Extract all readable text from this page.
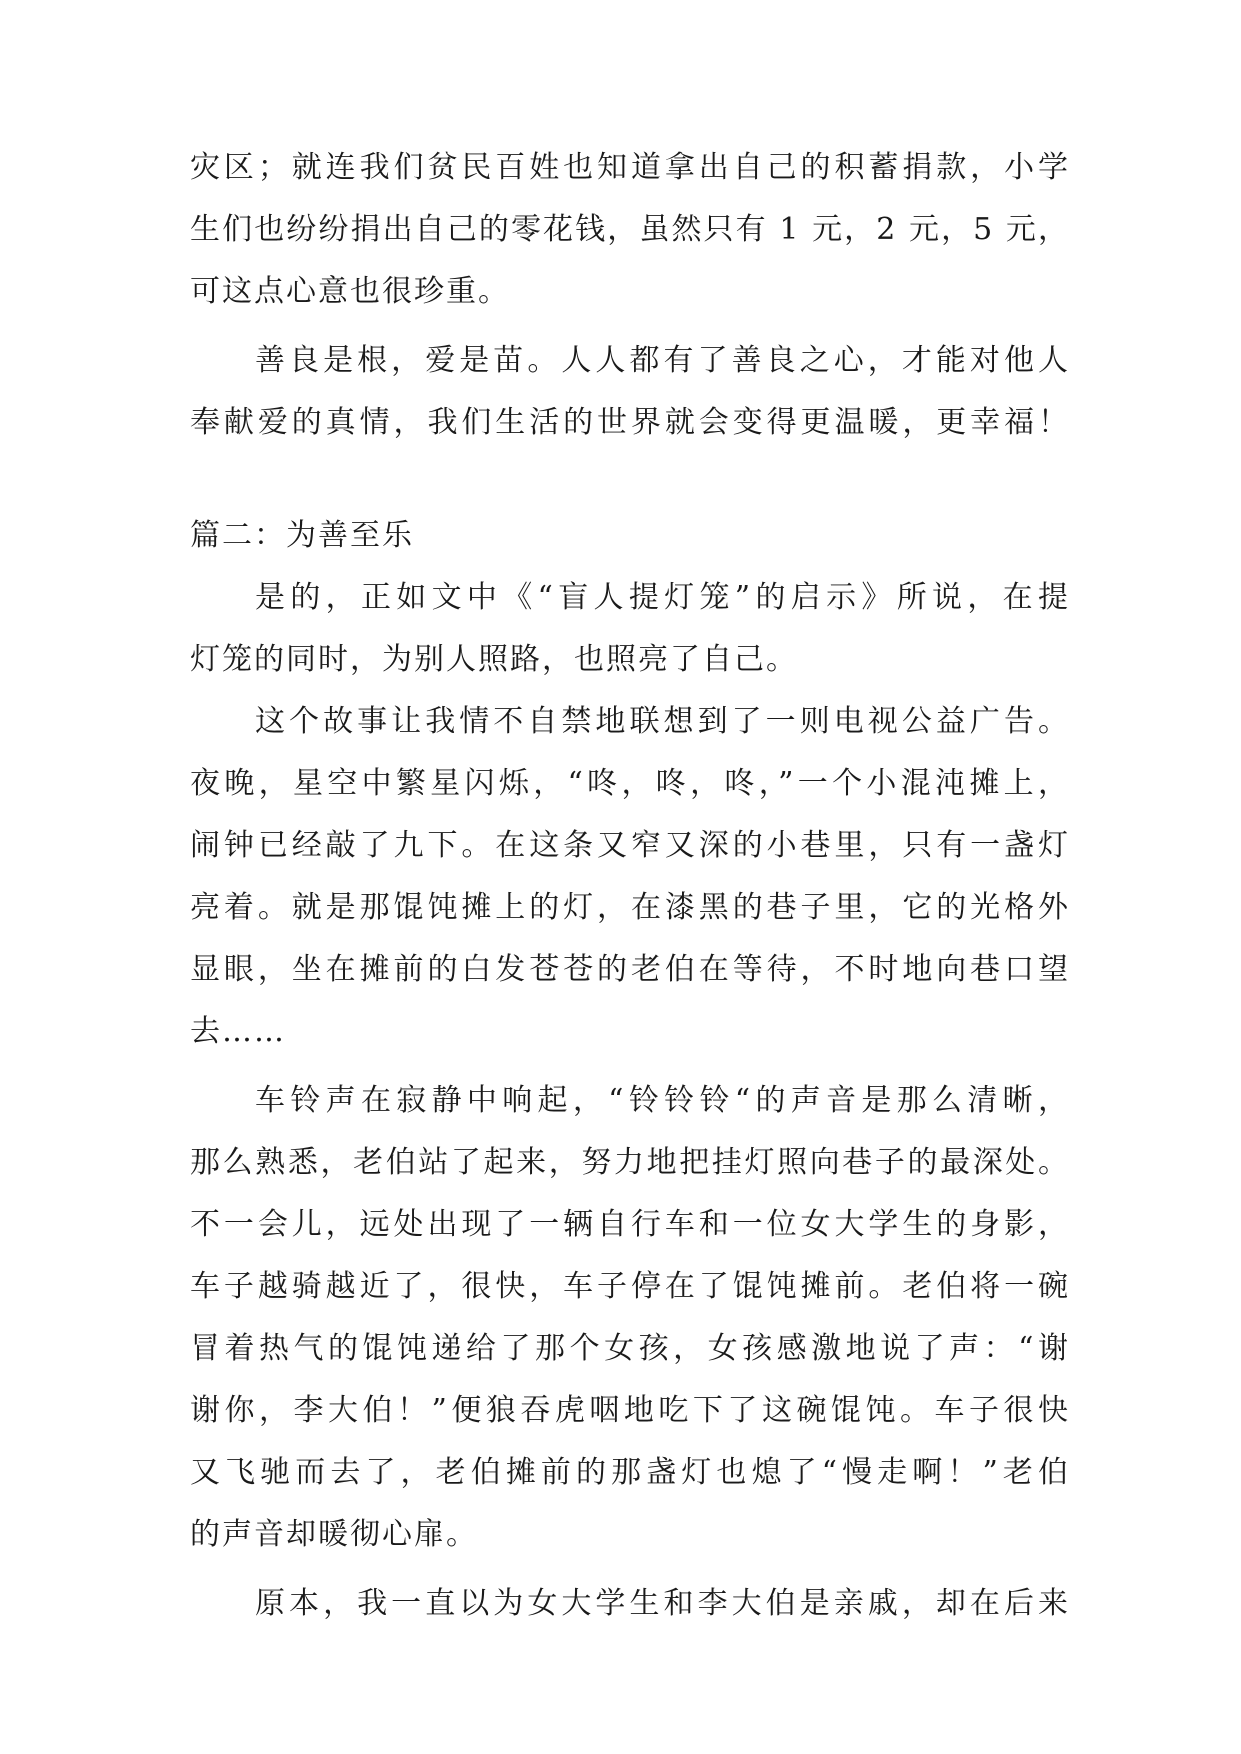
灾区；就连我们贫民百姓也知道拿出自己的积蓄捐款，小学
生们也纷纷捐出自己的零花钱，虽然只有 1 元，2 元，5 元，
可这点心意也很珍重。
善良是根，爱是苗。人人都有了善良之心，才能对他人
奉献爱的真情，我们生活的世界就会变得更温暖，更幸福！
篇二：为善至乐
是的，正如文中《“盲人提灯笼”的启示》所说，在提
灯笼的同时，为别人照路，也照亮了自己。
这个故事让我情不自禁地联想到了一则电视公益广告。
夜晚，星空中繁星闪烁，“咚，咚，咚，”一个小混沌摊上，
闹钟已经敲了九下。在这条又窄又深的小巷里，只有一盏灯
亮着。就是那馄饨摊上的灯，在漆黑的巷子里，它的光格外
显眼，坐在摊前的白发苍苍的老伯在等待，不时地向巷口望
去……
车铃声在寂静中响起，“铃铃铃“的声音是那么清晰，
那么熟悉，老伯站了起来，努力地把挂灯照向巷子的最深处。
不一会儿，远处出现了一辆自行车和一位女大学生的身影，
车子越骑越近了，很快，车子停在了馄饨摊前。老伯将一碗
冒着热气的馄饨递给了那个女孩，女孩感激地说了声：“谢
谢你，李大伯！”便狼吞虎咽地吃下了这碗馄饨。车子很快
又飞驰而去了，老伯摊前的那盏灯也熄了“慢走啊！”老伯
的声音却暖彻心扉。
原本，我一直以为女大学生和李大伯是亲戚，却在后来
